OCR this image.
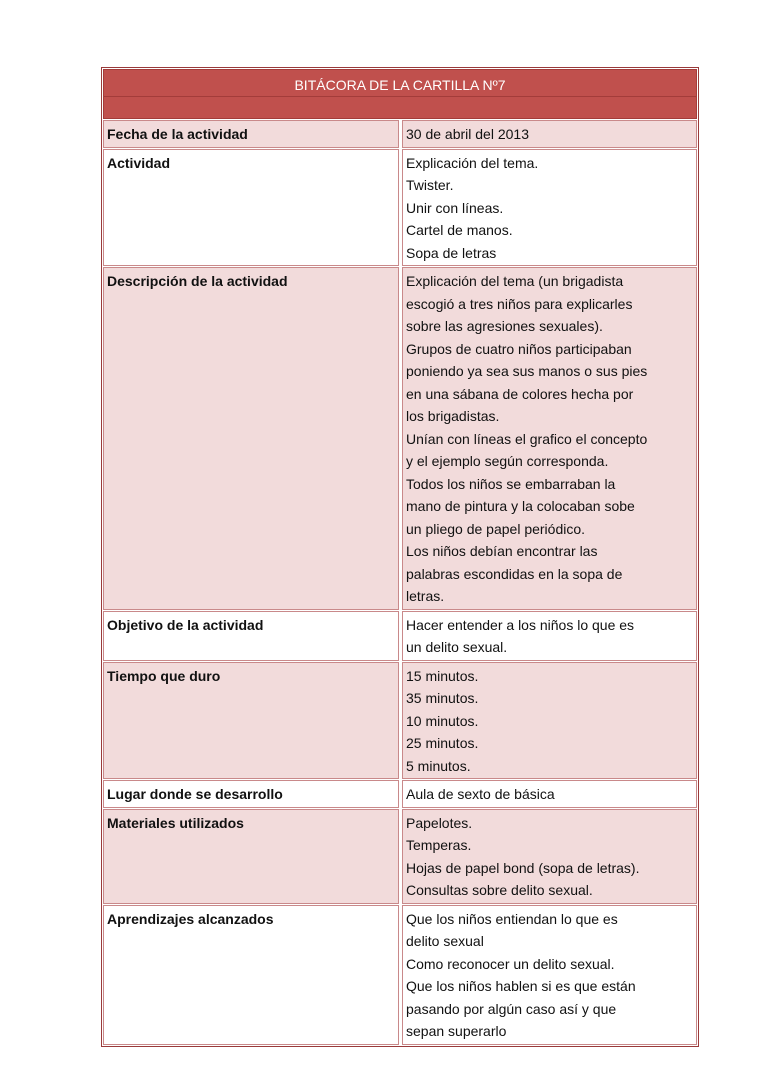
BITÁCORA DE LA CARTILLA Nº7
Fecha de la actividad	30 de abril del 2013
Actividad	Explicación del tema.
Twister.
Unir con líneas.
Cartel de manos.
Sopa de letras
Descripción de la actividad	Explicación del tema (un brigadista
escogió a tres niños para explicarles
sobre las agresiones sexuales).
Grupos de cuatro niños participaban
poniendo ya sea sus manos o sus pies
en una sábana de colores hecha por
los brigadistas.
Unían con líneas el grafico el concepto
y el ejemplo según corresponda.
Todos los niños se embarraban la
mano de pintura y la colocaban sobe
un pliego de papel periódico.
Los niños debían encontrar las
palabras escondidas en la sopa de
letras.
Objetivo de la actividad	Hacer entender a los niños lo que es
un delito sexual.
Tiempo que duro	15 minutos.
35 minutos.
10 minutos.
25 minutos.
5 minutos.
Lugar donde se desarrollo	Aula de sexto de básica
Materiales utilizados	Papelotes.
Temperas.
Hojas de papel bond (sopa de letras).
Consultas sobre delito sexual.
Aprendizajes alcanzados	Que los niños entiendan lo que es
delito sexual
Como reconocer un delito sexual.
Que los niños hablen si es que están
pasando por algún caso así y que
sepan superarlo
